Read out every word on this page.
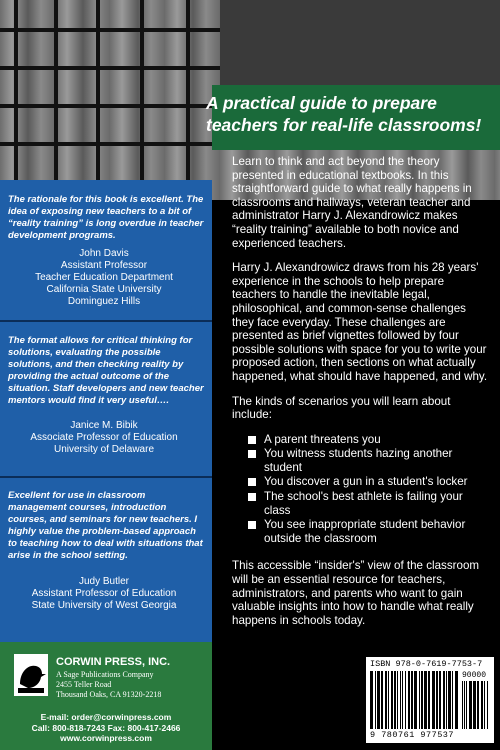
A practical guide to prepare teachers for real-life classrooms!
The rationale for this book is excellent. The idea of exposing new teachers to a bit of “reality training” is long overdue in teacher development programs.
John Davis
Assistant Professor
Teacher Education Department
California State University
Dominguez Hills
The format allows for critical thinking for solutions, evaluating the possible solutions, and then checking reality by providing the actual outcome of the situation. Staff developers and new teacher mentors would find it very useful….
Janice M. Bibik
Associate Professor of Education
University of Delaware
Excellent for use in classroom management courses, introduction courses, and seminars for new teachers. I highly value the problem-based approach to teaching how to deal with situations that arise in the school setting.
Judy Butler
Assistant Professor of Education
State University of West Georgia
CORWIN PRESS, INC.
A Sage Publications Company
2455 Teller Road
Thousand Oaks, CA 91320-2218
E-mail: order@corwinpress.com
Call: 800-818-7243 Fax: 800-417-2466
www.corwinpress.com

Learn to think and act beyond the theory presented in educational textbooks. In this straightforward guide to what really happens in classrooms and hallways, veteran teacher and administrator Harry J. Alexandrowicz makes “reality training” available to both novice and experienced teachers.

Harry J. Alexandrowicz draws from his 28 years' experience in the schools to help prepare teachers to handle the inevitable legal, philosophical, and common-sense challenges they face everyday. These challenges are presented as brief vignettes followed by four possible solutions with space for you to write your proposed action, then sections on what actually happened, what should have happened, and why.

The kinds of scenarios you will learn about include:

A parent threatens you
You witness students hazing another student
You discover a gun in a student's locker
The school's best athlete is failing your class
You see inappropriate student behavior outside the classroom

This accessible “insider's” view of the classroom will be an essential resource for teachers, administrators, and parents who want to gain valuable insights into how to handle what really happens in schools today.

ISBN 978-0-7619-7753-7
90000
9 780761 977537
